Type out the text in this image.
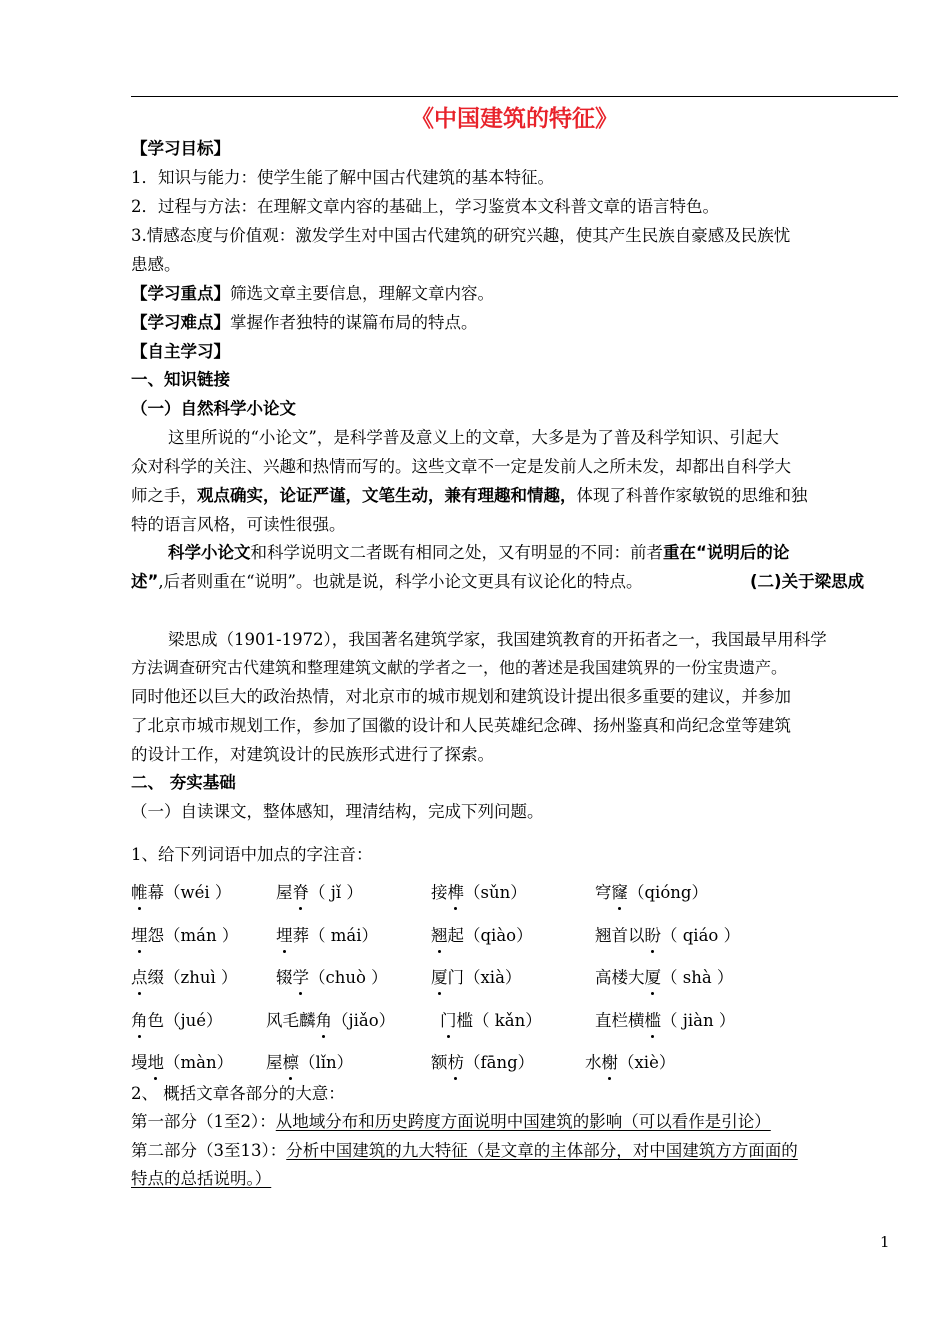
《中国建筑的特征》
【学习目标】
1．知识与能力：使学生能了解中国古代建筑的基本特征。
2．过程与方法：在理解文章内容的基础上，学习鉴赏本文科普文章的语言特色。
3.情感态度与价值观：激发学生对中国古代建筑的研究兴趣，使其产生民族自豪感及民族忧
患感。
【学习重点】筛选文章主要信息，理解文章内容。
【学习难点】掌握作者独特的谋篇布局的特点。
【自主学习】
一、知识链接
（一）自然科学小论文
这里所说的“小论文”，是科学普及意义上的文章，大多是为了普及科学知识、引起大
众对科学的关注、兴趣和热情而写的。这些文章不一定是发前人之所未发，却都出自科学大
师之手，观点确实，论证严谨，文笔生动，兼有理趣和情趣，体现了科普作家敏锐的思维和独
特的语言风格，可读性很强。
科学小论文和科学说明文二者既有相同之处，又有明显的不同：前者重在“说明后的论
述”,后者则重在“说明”。也就是说，科学小论文更具有议论化的特点。	(二)关于梁思成
梁思成（1901-1972），我国著名建筑学家，我国建筑教育的开拓者之一，我国最早用科学
方法调查研究古代建筑和整理建筑文献的学者之一，他的著述是我国建筑界的一份宝贵遗产。
同时他还以巨大的政治热情，对北京市的城市规划和建筑设计提出很多重要的建议，并参加
了北京市城市规划工作，参加了国徽的设计和人民英雄纪念碑、扬州鉴真和尚纪念堂等建筑
的设计工作，对建筑设计的民族形式进行了探索。
二、 夯实基础
（一）自读课文，整体感知，理清结构，完成下列问题。
1、给下列词语中加点的字注音：
帷幕（wéi ）	屋脊（ jǐ ）	接榫（sǔn）	穹窿（qióng）
埋怨（mán ） 埋葬（ mái）	翘起（qiào）	翘首以盼（ qiáo ）
点缀（zhuì ） 辍学（chuò ）	厦门（xià）	高楼大厦（ shà ）
角色（jué）	风毛麟角（jiǎo）	门槛（ kǎn）	直栏横槛（ jiàn ）
墁地（màn） 屋檩（lǐn）	额枋（fāng）	水榭（xiè）
2、 概括文章各部分的大意：
第一部分（1至2）：从地域分布和历史跨度方面说明中国建筑的影响（可以看作是引论）
第二部分（3至13）：分析中国建筑的九大特征（是文章的主体部分，对中国建筑方方面面的
特点的总括说明。）
1
